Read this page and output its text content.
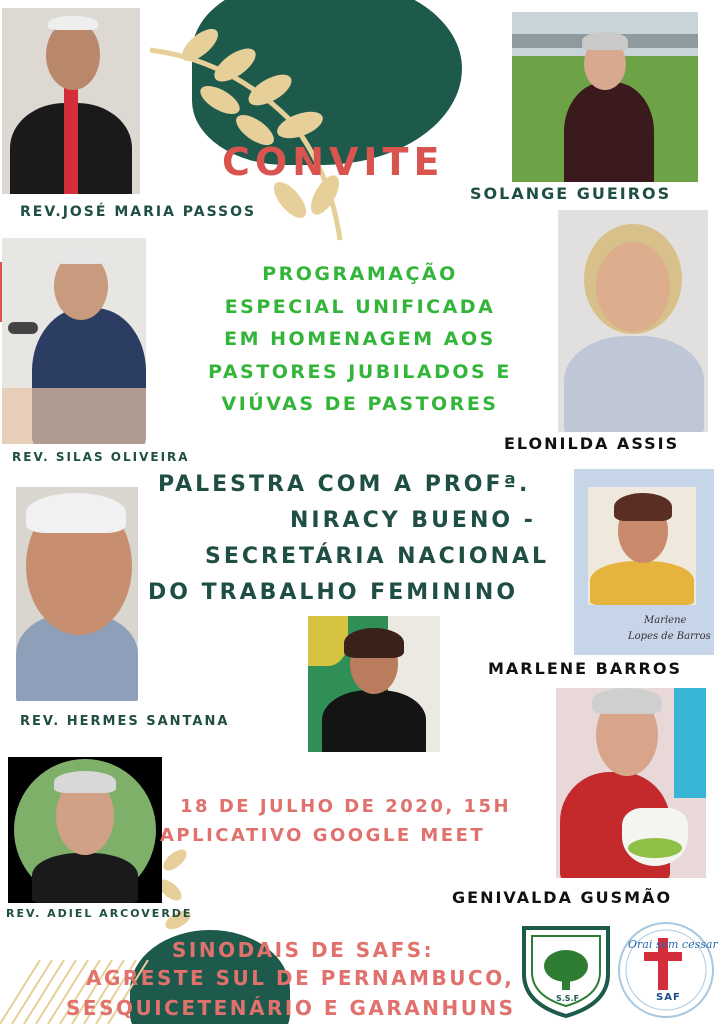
Marlene
Lopes de Barros
CONVITE
PROGRAMAÇÃO
ESPECIAL UNIFICADA
EM HOMENAGEM AOS
PASTORES JUBILADOS E
VIÚVAS DE PASTORES
PALESTRA COM A PROFª.
NIRACY BUENO -
SECRETÁRIA NACIONAL
DO TRABALHO FEMININO
18 DE JULHO DE 2020, 15H
APLICATIVO GOOGLE MEET
SINODAIS DE SAFS:
AGRESTE SUL DE PERNAMBUCO,
SESQUICETENÁRIO E GARANHUNS
REV.JOSÉ MARIA PASSOS
SOLANGE GUEIROS
REV. SILAS OLIVEIRA
ELONILDA ASSIS
REV. HERMES SANTANA
MARLENE BARROS
REV. ADIEL ARCOVERDE
GENIVALDA GUSMÃO
S.S.F
Orai sem cessar
SAF
